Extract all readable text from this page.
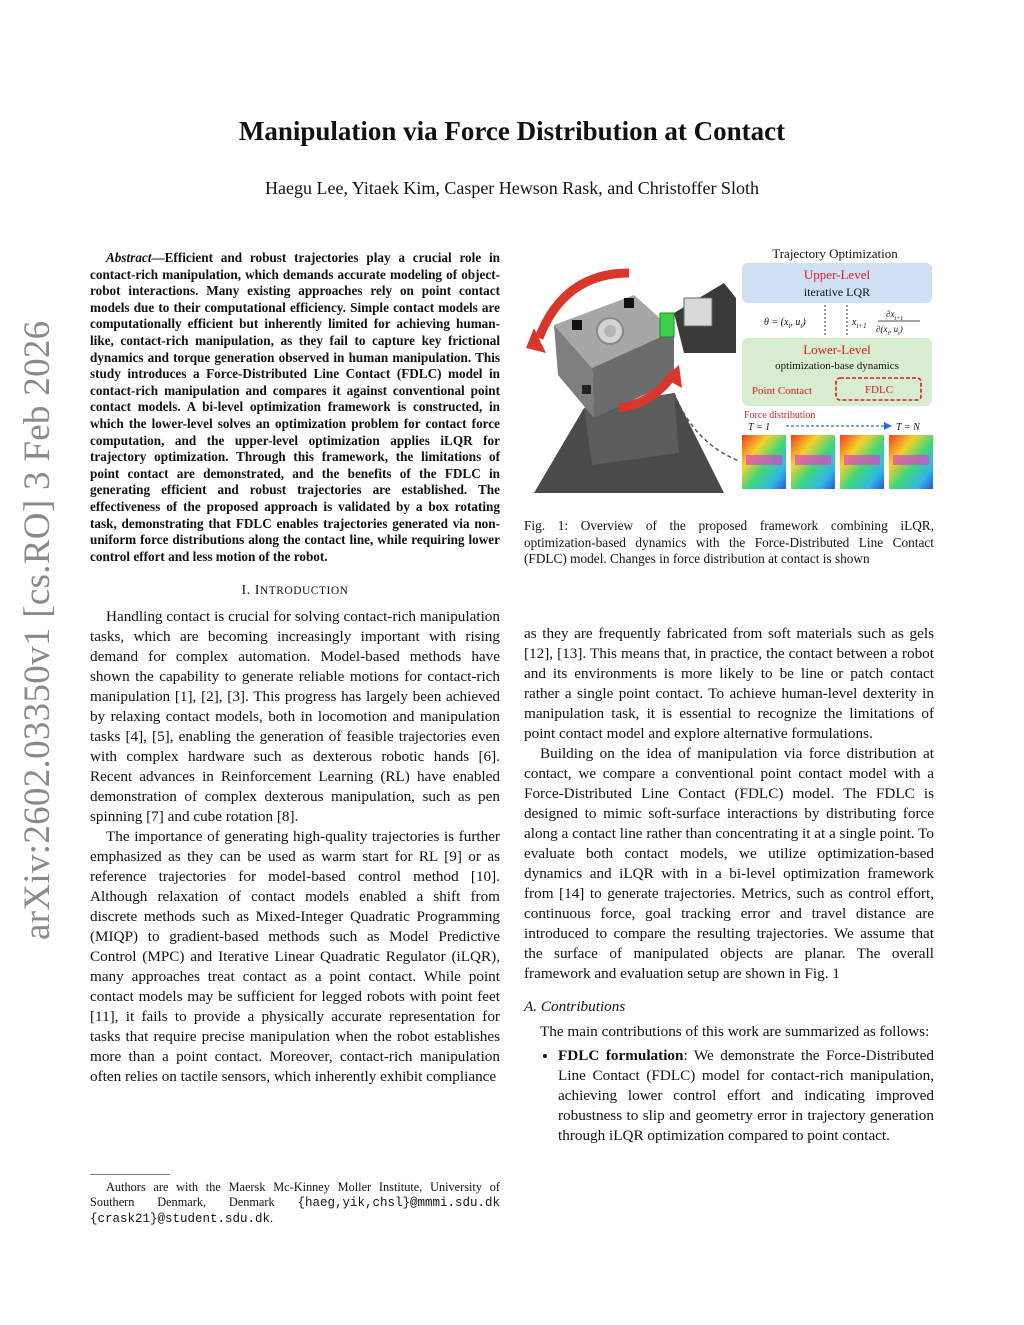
arXiv:2602.03350v1 [cs.RO] 3 Feb 2026
Manipulation via Force Distribution at Contact
Haegu Lee, Yitaek Kim, Casper Hewson Rask, and Christoffer Sloth

Abstract—Efficient and robust trajectories play a crucial role in contact-rich manipulation, which demands accurate modeling of object-robot interactions. Many existing approaches rely on point contact models due to their computational efficiency. Simple contact models are computationally efficient but inherently limited for achieving human-like, contact-rich manipulation, as they fail to capture key frictional dynamics and torque generation observed in human manipulation. This study introduces a Force-Distributed Line Contact (FDLC) model in contact-rich manipulation and compares it against conventional point contact models. A bi-level optimization framework is constructed, in which the lower-level solves an optimization problem for contact force computation, and the upper-level optimization applies iLQR for trajectory optimization. Through this framework, the limitations of point contact are demonstrated, and the benefits of the FDLC in generating efficient and robust trajectories are established. The effectiveness of the proposed approach is validated by a box rotating task, demonstrating that FDLC enables trajectories generated via non-uniform force distributions along the contact line, while requiring lower control effort and less motion of the robot.

I. INTRODUCTION

Handling contact is crucial for solving contact-rich manipulation tasks, which are becoming increasingly important with rising demand for complex automation. Model-based methods have shown the capability to generate reliable motions for contact-rich manipulation [1], [2], [3]. This progress has largely been achieved by relaxing contact models, both in locomotion and manipulation tasks [4], [5], enabling the generation of feasible trajectories even with complex hardware such as dexterous robotic hands [6]. Recent advances in Reinforcement Learning (RL) have enabled demonstration of complex dexterous manipulation, such as pen spinning [7] and cube rotation [8].

The importance of generating high-quality trajectories is further emphasized as they can be used as warm start for RL [9] or as reference trajectories for model-based control method [10]. Although relaxation of contact models enabled a shift from discrete methods such as Mixed-Integer Quadratic Programming (MIQP) to gradient-based methods such as Model Predictive Control (MPC) and Iterative Linear Quadratic Regulator (iLQR), many approaches treat contact as a point contact. While point contact models may be sufficient for legged robots with point feet [11], it fails to provide a physically accurate representation for tasks that require precise manipulation when the robot establishes more than a point contact. Moreover, contact-rich manipulation often relies on tactile sensors, which inherently exhibit compliance

Authors are with the Maersk Mc-Kinney Moller Institute, University of Southern Denmark, Denmark {haeg,yik,chsl}@mmmi.sdu.dk {crask21}@student.sdu.dk.
Trajectory Optimization
Upper-Level
iterative LQR
$\theta = (x_t$, $u_t$)	$x_{t+1}$
$\partial x_{t+1}$
$\partial(x_t$, $u_t$)
Lower-Level
optimization-base dynamics
Point Contact	FDLC
Force distribution
T = 1	T = N
Fig. 1: Overview of the proposed framework combining iLQR, optimization-based dynamics with the Force-Distributed Line Contact (FDLC) model. Changes in force distribution at contact is shown

as they are frequently fabricated from soft materials such as gels [12], [13]. This means that, in practice, the contact between a robot and its environments is more likely to be line or patch contact rather a single point contact. To achieve human-level dexterity in manipulation task, it is essential to recognize the limitations of point contact model and explore alternative formulations.

Building on the idea of manipulation via force distribution at contact, we compare a conventional point contact model with a Force-Distributed Line Contact (FDLC) model. The FDLC is designed to mimic soft-surface interactions by distributing force along a contact line rather than concentrating it at a single point. To evaluate both contact models, we utilize optimization-based dynamics and iLQR with in a bi-level optimization framework from [14] to generate trajectories. Metrics, such as control effort, continuous force, goal tracking error and travel distance are introduced to compare the resulting trajectories. We assume that the surface of manipulated objects are planar. The overall framework and evaluation setup are shown in Fig. 1

A. Contributions

The main contributions of this work are summarized as follows:

• FDLC formulation: We demonstrate the Force-Distributed Line Contact (FDLC) model for contact-rich manipulation, achieving lower control effort and indicating improved robustness to slip and geometry error in trajectory generation through iLQR optimization compared to point contact.
